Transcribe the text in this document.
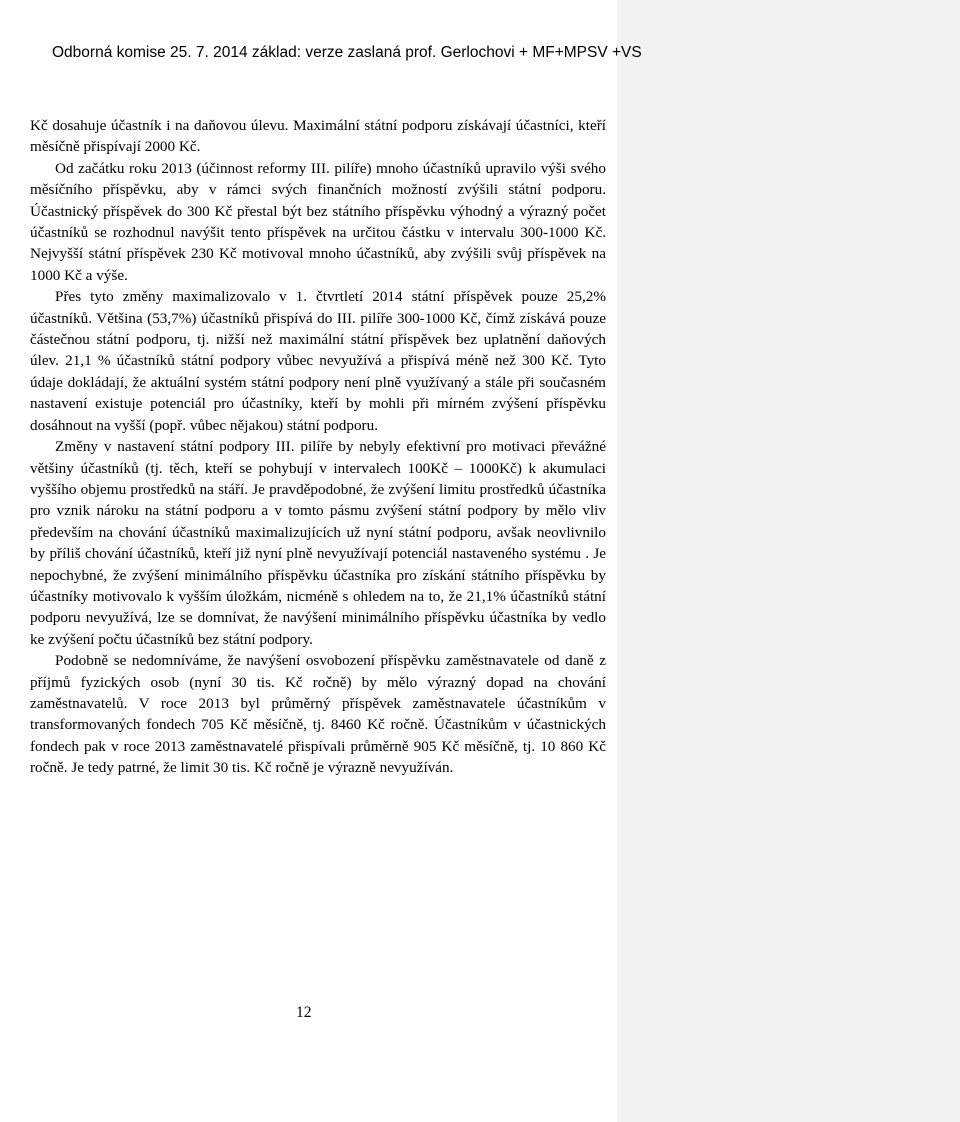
Odborná komise 25. 7. 2014 základ: verze zaslaná prof. Gerlochovi + MF+MPSV +VS

Kč dosahuje účastník i na daňovou úlevu. Maximální státní podporu získávají účastníci, kteří měsíčně přispívají 2000 Kč.

Od začátku roku 2013 (účinnost reformy III. pilíře) mnoho účastníků upravilo výši svého měsíčního příspěvku, aby v rámci svých finančních možností zvýšili státní podporu. Účastnický příspěvek do 300 Kč přestal být bez státního příspěvku výhodný a výrazný počet účastníků se rozhodnul navýšit tento příspěvek na určitou částku v intervalu 300-1000 Kč. Nejvyšší státní příspěvek 230 Kč motivoval mnoho účastníků, aby zvýšili svůj příspěvek na 1000 Kč a výše.

Přes tyto změny maximalizovalo v 1. čtvrtletí 2014 státní příspěvek pouze 25,2% účastníků. Většina (53,7%) účastníků přispívá do III. pilíře 300-1000 Kč, čímž získává pouze částečnou státní podporu, tj. nižší než maximální státní příspěvek bez uplatnění daňových úlev. 21,1 % účastníků státní podpory vůbec nevyužívá a přispívá méně než 300 Kč. Tyto údaje dokládají, že aktuální systém státní podpory není plně využívaný a stále při současném nastavení existuje potenciál pro účastníky, kteří by mohli při mírném zvýšení příspěvku dosáhnout na vyšší (popř. vůbec nějakou) státní podporu.

Změny v nastavení státní podpory III. pilíře by nebyly efektivní pro motivaci převážné většiny účastníků (tj. těch, kteří se pohybují v intervalech 100Kč – 1000Kč) k akumulaci vyššího objemu prostředků na stáří. Je pravděpodobné, že zvýšení limitu prostředků účastníka pro vznik nároku na státní podporu a v tomto pásmu zvýšení státní podpory by mělo vliv především na chování účastníků maximalizujících už nyní státní podporu, avšak neovlivnilo by příliš chování účastníků, kteří již nyní plně nevyužívají potenciál nastaveného systému . Je nepochybné, že zvýšení minimálního příspěvku účastníka pro získání státního příspěvku by účastníky motivovalo k vyšším úložkám, nicméně s ohledem na to, že 21,1% účastníků státní podporu nevyužívá, lze se domnívat, že navýšení minimálního příspěvku účastníka by vedlo ke zvýšení počtu účastníků bez státní podpory.

Podobně se nedomníváme, že navýšení osvobození příspěvku zaměstnavatele od daně z příjmů fyzických osob (nyní 30 tis. Kč ročně) by mělo výrazný dopad na chování zaměstnavatelů. V roce 2013 byl průměrný příspěvek zaměstnavatele účastníkům v transformovaných fondech 705 Kč měsíčně, tj. 8460 Kč ročně. Účastníkům v účastnických fondech pak v roce 2013 zaměstnavatelé přispívali průměrně 905 Kč měsíčně, tj. 10 860 Kč ročně. Je tedy patrné, že limit 30 tis. Kč ročně je výrazně nevyužíván.

12
